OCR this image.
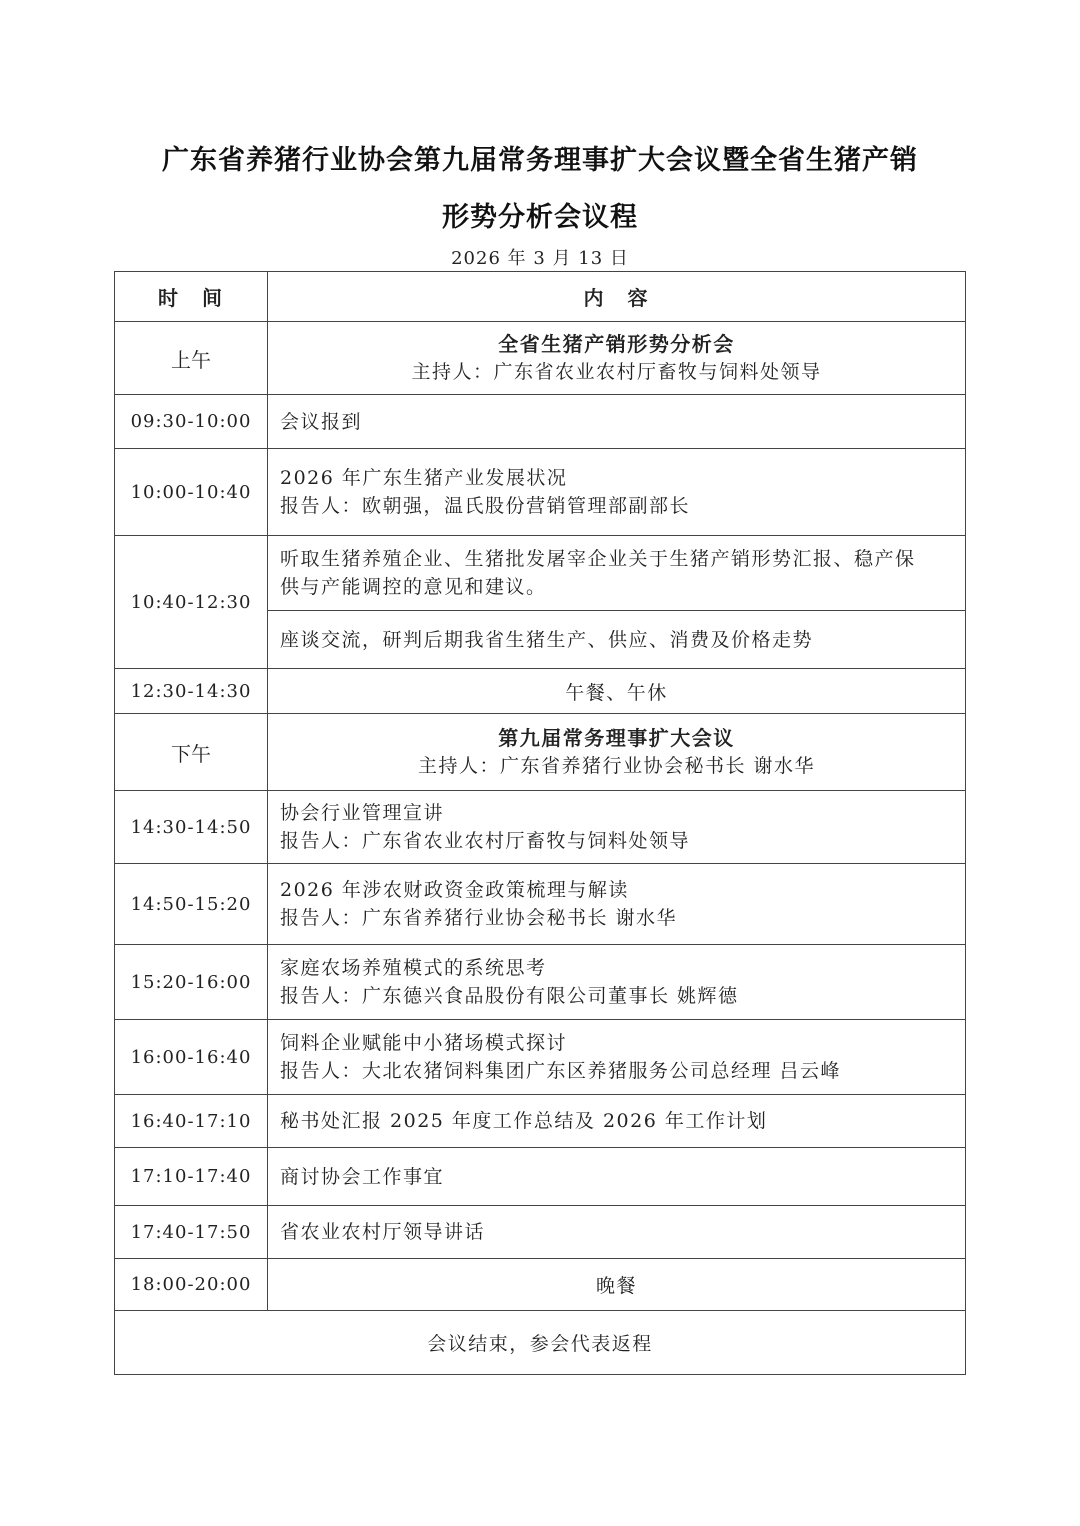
广东省养猪行业协会第九届常务理事扩大会议暨全省生猪产销
形势分析会议程
2026 年 3 月 13 日
时　间	内　容
上午	全省生猪产销形势分析会
主持人：广东省农业农村厅畜牧与饲料处领导

09:30-10:00	会议报到

10:00-10:40	2026 年广东生猪产业发展状况
报告人：欧朝强，温氏股份营销管理部副部长

10:40-12:30	听取生猪养殖企业、生猪批发屠宰企业关于生猪产销形势汇报、稳产保
供与产能调控的意见和建议。

	座谈交流，研判后期我省生猪生产、供应、消费及价格走势

12:30-14:30	午餐、午休
下午	第九届常务理事扩大会议
主持人：广东省养猪行业协会秘书长 谢水华

14:30-14:50	协会行业管理宣讲
报告人：广东省农业农村厅畜牧与饲料处领导

14:50-15:20	2026 年涉农财政资金政策梳理与解读
报告人：广东省养猪行业协会秘书长 谢水华

15:20-16:00	家庭农场养殖模式的系统思考
报告人：广东德兴食品股份有限公司董事长 姚辉德

16:00-16:40	饲料企业赋能中小猪场模式探讨
报告人：大北农猪饲料集团广东区养猪服务公司总经理 吕云峰

16:40-17:10	秘书处汇报 2025 年度工作总结及 2026 年工作计划

17:10-17:40	商讨协会工作事宜

17:40-17:50	省农业农村厅领导讲话

18:00-20:00	晚餐
会议结束，参会代表返程	
